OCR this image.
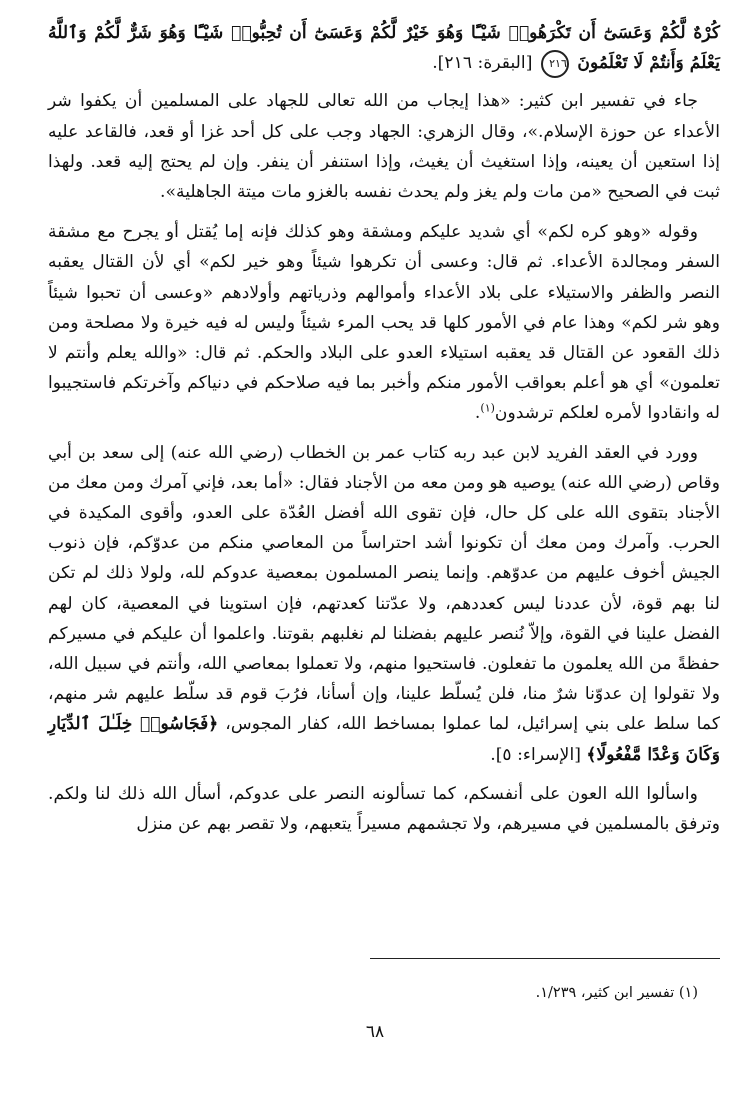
كُرْهٌ لَّكُمْ وَعَسَىٰٓ أَن تَكْرَهُوا۟ شَيْـًٔا وَهُوَ خَيْرٌ لَّكُمْ وَعَسَىٰٓ أَن تُحِبُّوا۟ شَيْـًٔا وَهُوَ شَرٌّ لَّكُمْ وَٱللَّهُ يَعْلَمُ وَأَنتُمْ لَا تَعْلَمُونَ ٢١٦ [البقرة: ٢١٦].

جاء في تفسير ابن كثير: «هذا إيجاب من الله تعالى للجهاد على المسلمين أن يكفوا شر الأعداء عن حوزة الإسلام.»، وقال الزهري: الجهاد وجب على كل أحد غزا أو قعد، فالقاعد عليه إذا استعين أن يعينه، وإذا استغيث أن يغيث، وإذا استنفر أن ينفر. وإن لم يحتج إليه قعد. ولهذا ثبت في الصحيح «من مات ولم يغز ولم يحدث نفسه بالغزو مات ميتة الجاهلية».

وقوله «وهو كره لكم» أي شديد عليكم ومشقة وهو كذلك فإنه إما يُقتل أو يجرح مع مشقة السفر ومجالدة الأعداء. ثم قال: وعسى أن تكرهوا شيئاً وهو خير لكم» أي لأن القتال يعقبه النصر والظفر والاستيلاء على بلاد الأعداء وأموالهم وذرياتهم وأولادهم «وعسى أن تحبوا شيئاً وهو شر لكم» وهذا عام في الأمور كلها قد يحب المرء شيئاً وليس له فيه خيرة ولا مصلحة ومن ذلك القعود عن القتال قد يعقبه استيلاء العدو على البلاد والحكم. ثم قال: «والله يعلم وأنتم لا تعلمون» أي هو أعلم بعواقب الأمور منكم وأخبر بما فيه صلاحكم في دنياكم وآخرتكم فاستجيبوا له وانقادوا لأمره لعلكم ترشدون$^{(١)}$.

وورد في العقد الفريد لابن عبد ربه كتاب عمر بن الخطاب (رضي الله عنه) إلى سعد بن أبي وقاص (رضي الله عنه) يوصيه هو ومن معه من الأجناد فقال: «أما بعد، فإني آمرك ومن معك من الأجناد بتقوى الله على كل حال، فإن تقوى الله أفضل العُدّة على العدو، وأقوى المكيدة في الحرب. وآمرك ومن معك أن تكونوا أشد احتراساً من المعاصي منكم من عدوّكم، فإن ذنوب الجيش أخوف عليهم من عدوّهم. وإنما ينصر المسلمون بمعصية عدوكم لله، ولولا ذلك لم تكن لنا بهم قوة، لأن عددنا ليس كعددهم، ولا عدّتنا كعدتهم، فإن استوينا في المعصية، كان لهم الفضل علينا في القوة، وإلاّ نُنصر عليهم بفضلنا لم نغلبهم بقوتنا. واعلموا أن عليكم في مسيركم حفظةً من الله يعلمون ما تفعلون. فاستحيوا منهم، ولا تعملوا بمعاصي الله، وأنتم في سبيل الله، ولا تقولوا إن عدوّنا شرٌ منا، فلن يُسلّط علينا، وإن أسأنا، فرُبَ قوم قد سلّط عليهم شر منهم، كما سلط على بني إسرائيل، لما عملوا بمساخط الله، كفار المجوس، ﴿فَجَاسُوا۟ خِلَـٰلَ ٱلدِّيَارِ وَكَانَ وَعْدًا مَّفْعُولًا﴾ [الإسراء: ٥].

واسألوا الله العون على أنفسكم، كما تسألونه النصر على عدوكم، أسأل الله ذلك لنا ولكم. وترفق بالمسلمين في مسيرهم، ولا تجشمهم مسيراً يتعبهم، ولا تقصر بهم عن منزل

(١) تفسير ابن كثير، ١/٢٣٩.
٦٨
